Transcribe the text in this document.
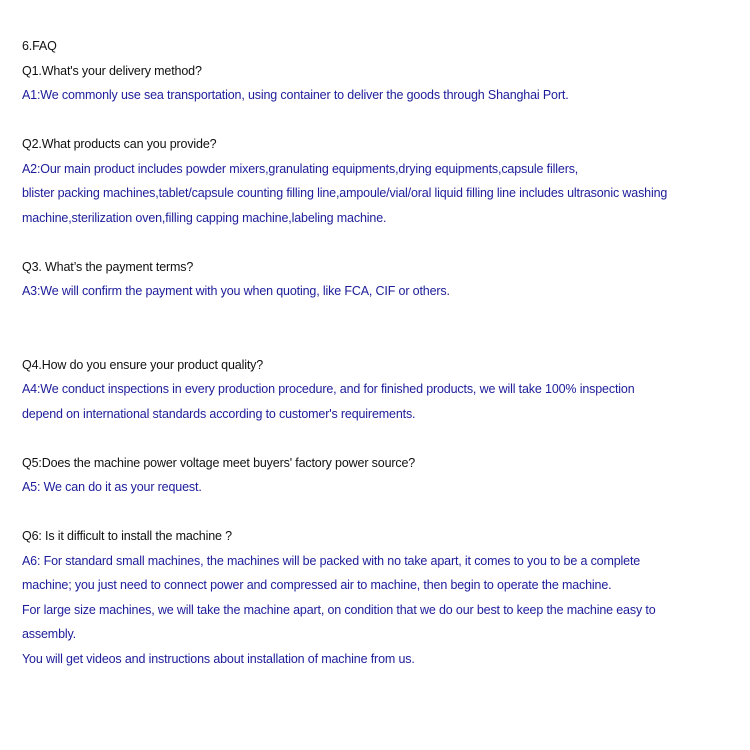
6.FAQ
Q1.What's your delivery method?
A1:We commonly use sea transportation, using container to deliver the goods through Shanghai Port.
Q2.What products can you provide?
A2:Our main product includes powder mixers,granulating equipments,drying equipments,capsule fillers,
blister packing machines,tablet/capsule counting filling line,ampoule/vial/oral liquid filling line includes ultrasonic washing
machine,sterilization oven,filling capping machine,labeling machine.
Q3. What’s the payment terms?
A3:We will confirm the payment with you when quoting, like FCA, CIF or others.
Q4.How do you ensure your product quality?
A4:We conduct inspections in every production procedure, and for finished products, we will take 100% inspection
depend on international standards according to customer's requirements.
Q5:Does the machine power voltage meet buyers' factory power source?
A5: We can do it as your request.
Q6: Is it difficult to install the machine ?
A6: For standard small machines, the machines will be packed with no take apart, it comes to you to be a complete
machine; you just need to connect power and compressed air to machine, then begin to operate the machine.
For large size machines, we will take the machine apart, on condition that we do our best to keep the machine easy to
assembly.
You will get videos and instructions about installation of machine from us.
